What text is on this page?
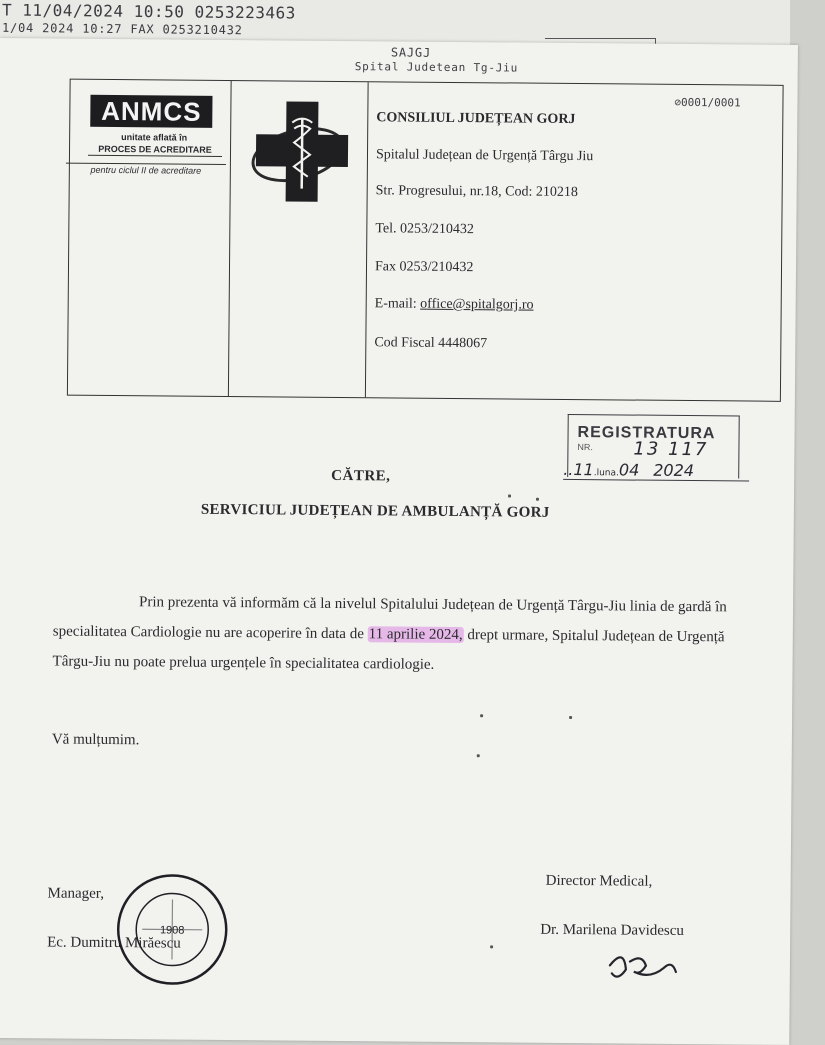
T 11/04/2024 10:50 0253223463
1/04 2024 10:27 FAX 0253210432
SAJGJ
Spital Judetean Tg-Jiu
⊘0001/0001
ANMCS
unitate aflată în
PROCES DE ACREDITARE
pentru ciclul II de acreditare
CONSILIUL JUDEȚEAN GORJ
Spitalul Județean de Urgență Târgu Jiu
Str. Progresului, nr.18, Cod: 210218
Tel. 0253/210432
Fax 0253/210432
E-mail: office@spitalgorj.ro
Cod Fiscal 4448067
REGISTRATURA
NR. 13 117
..11.luna.04 2024
CĂTRE,
SERVICIUL JUDEȚEAN DE AMBULANȚĂ GORJ
Prin prezenta vă informăm că la nivelul Spitalului Județean de Urgență Târgu-Jiu linia de gardă în specialitatea Cardiologie nu are acoperire în data de 11 aprilie 2024, drept urmare, Spitalul Județean de Urgență Târgu-Jiu nu poate prelua urgențele în specialitatea cardiologie.
Vă mulțumim.
Manager,
Ec. Dumitru Mirăescu
1908
Director Medical,
Dr. Marilena Davidescu
